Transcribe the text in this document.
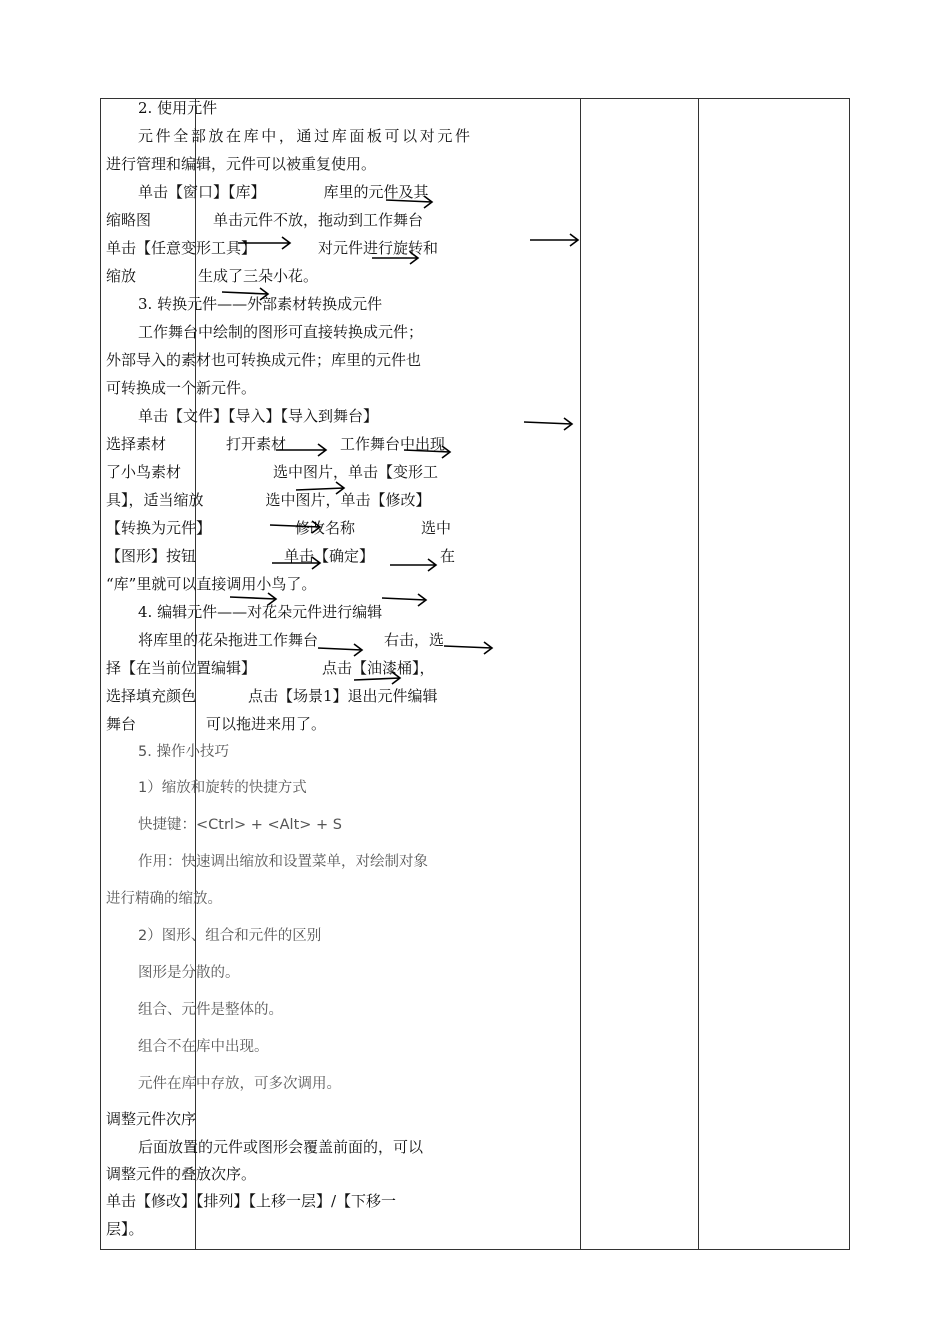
2. 使用元件
元件全部放在库中，通过库面板可以对元件
进行管理和编辑，元件可以被重复使用。
单击【窗口】【库】	库里的元件及其
缩略图	单击元件不放，拖动到工作舞台
单击【任意变形工具】	对元件进行旋转和
缩放	生成了三朵小花。
3. 转换元件——外部素材转换成元件
工作舞台中绘制的图形可直接转换成元件；
外部导入的素材也可转换成元件；库里的元件也
可转换成一个新元件。
单击【文件】【导入】【导入到舞台】
选择素材	打开素材	工作舞台中出现
了小鸟素材	选中图片，单击【变形工
具】，适当缩放	选中图片，单击【修改】
【转换为元件】	修改名称	选中
【图形】按钮	单击【确定】	在
“库”里就可以直接调用小鸟了。
4. 编辑元件——对花朵元件进行编辑
将库里的花朵拖进工作舞台	右击，选
择【在当前位置编辑】	点击【油漆桶】，
选择填充颜色	点击【场景1】退出元件编辑
舞台	可以拖进来用了。
5. 操作小技巧
1）缩放和旋转的快捷方式
快捷键：<Ctrl> + <Alt> + S
作用：快速调出缩放和设置菜单，对绘制对象
进行精确的缩放。
2）图形、组合和元件的区别
图形是分散的。
组合、元件是整体的。
组合不在库中出现。
元件在库中存放，可多次调用。
调整元件次序
后面放置的元件或图形会覆盖前面的，可以
调整元件的叠放次序。
单击【修改】【排列】【上移一层】/【下移一
层】。
